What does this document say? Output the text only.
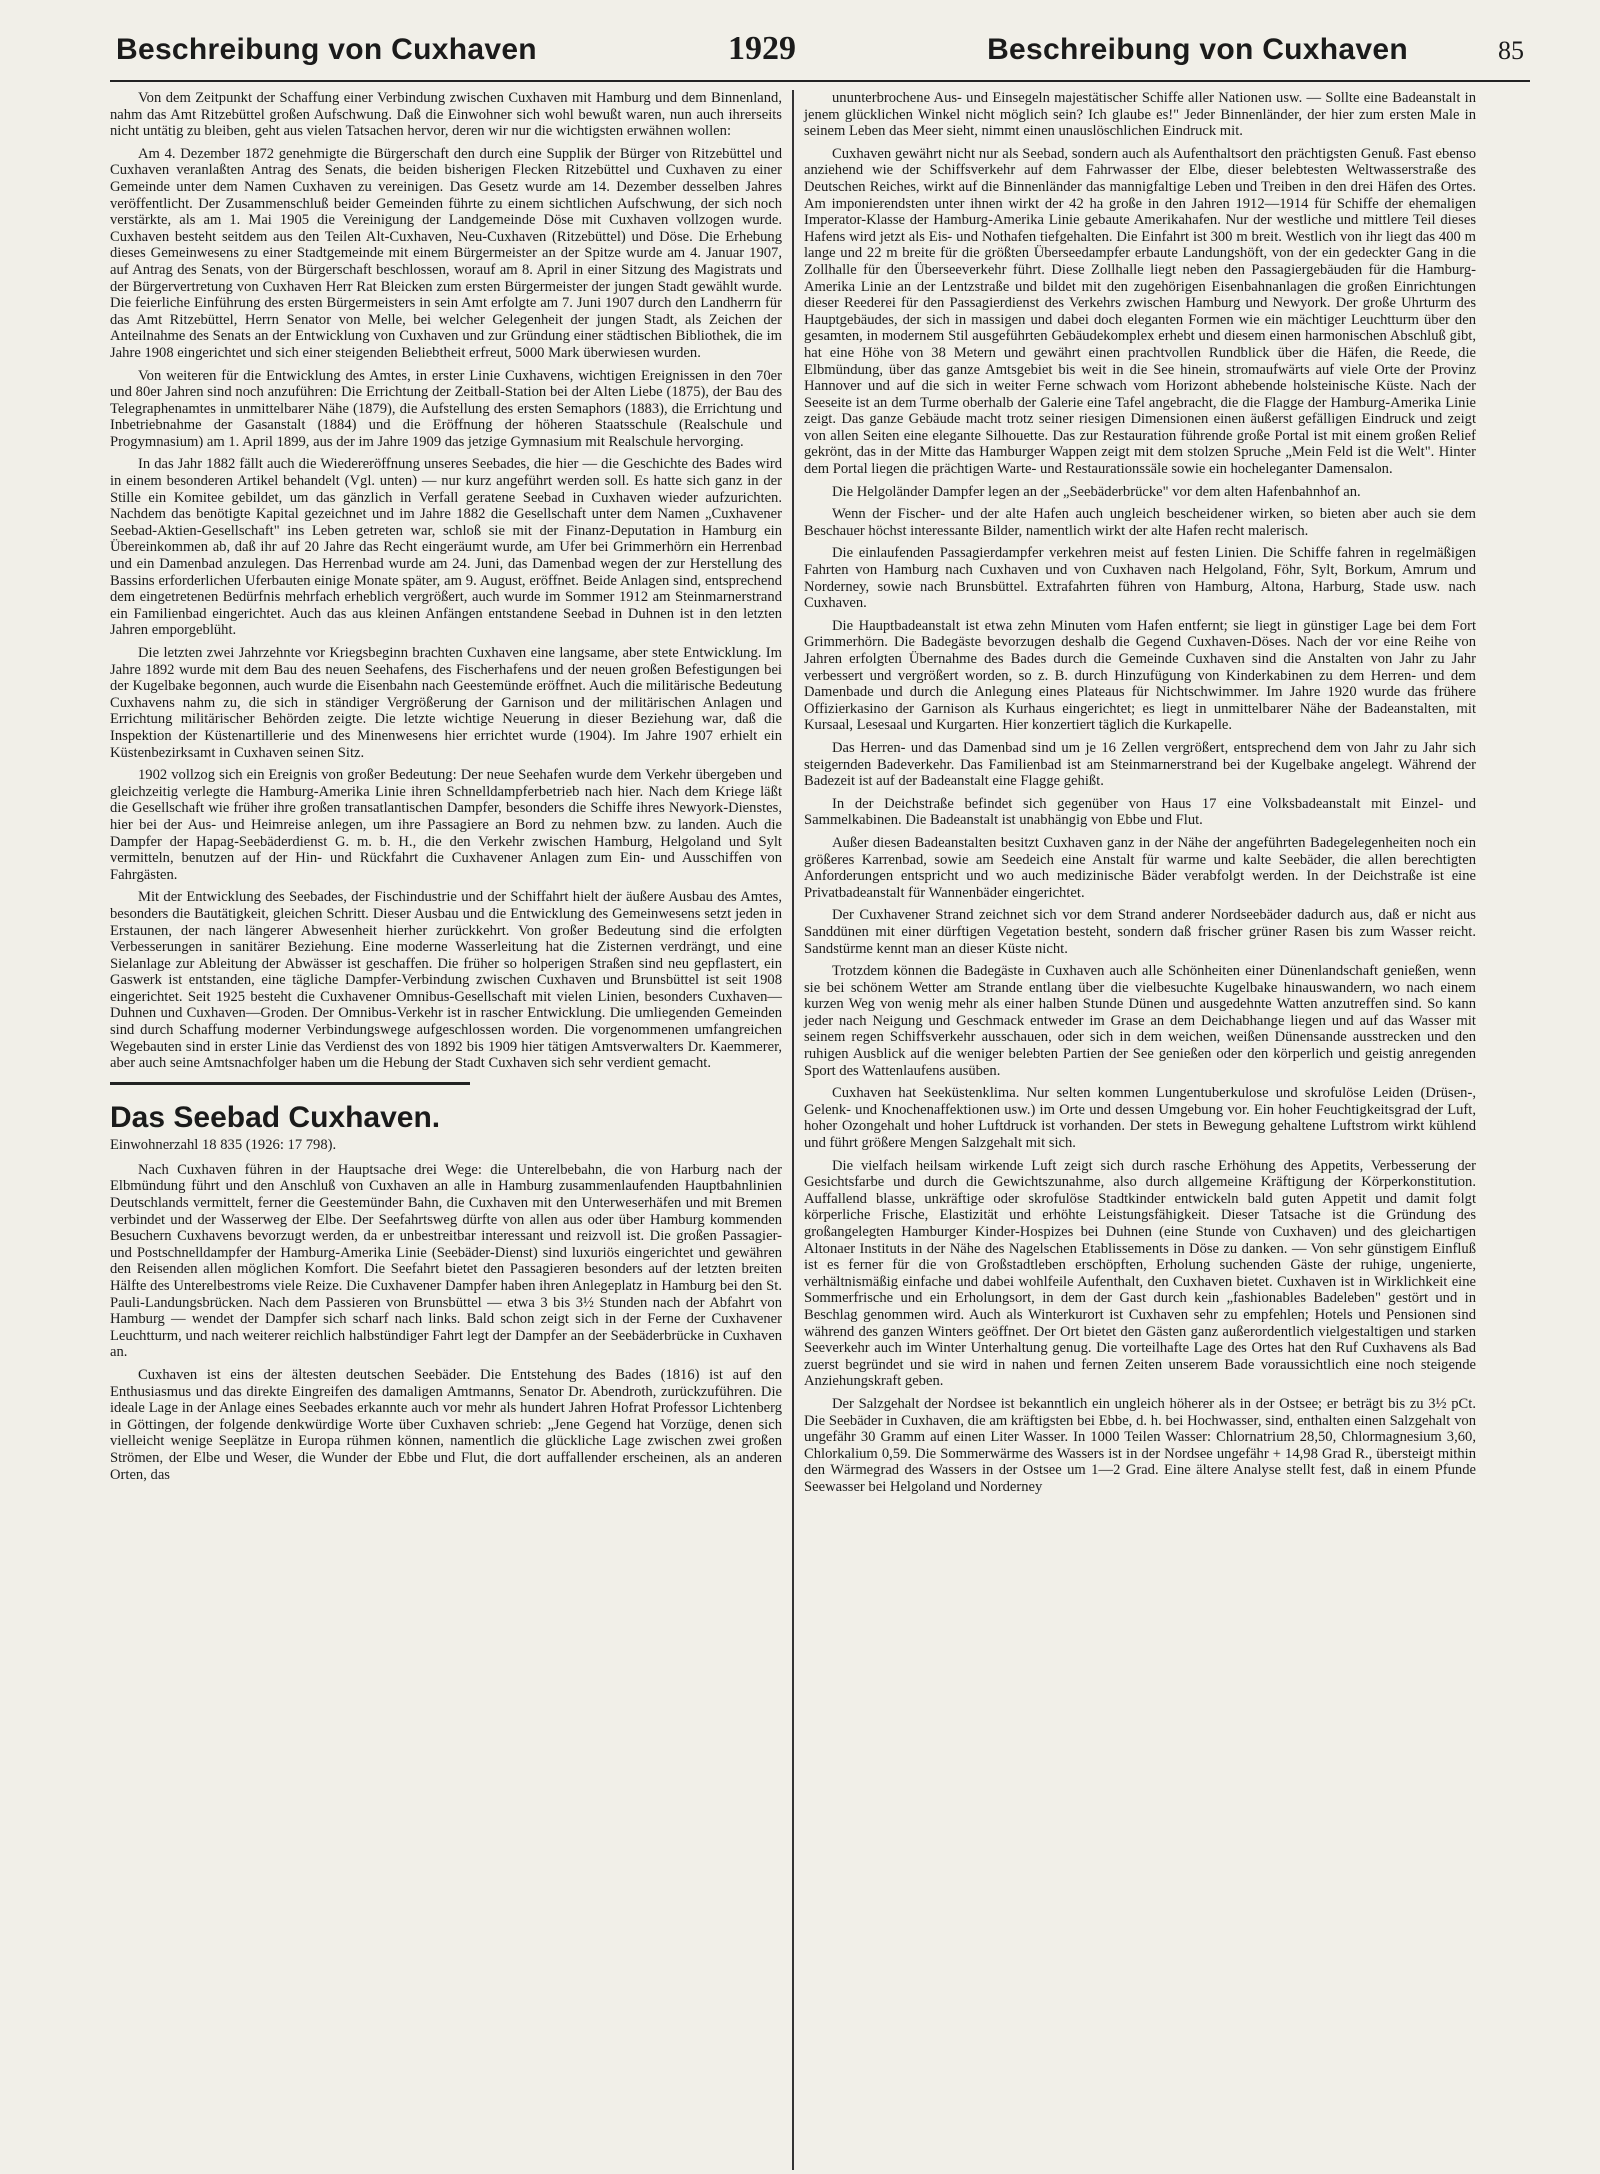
Beschreibung von Cuxhaven	1929	Beschreibung von Cuxhaven	85

Von dem Zeitpunkt der Schaffung einer Verbindung zwischen Cuxhaven mit Hamburg und dem Binnenland, nahm das Amt Ritzebüttel großen Aufschwung. Daß die Einwohner sich wohl bewußt waren, nun auch ihrerseits nicht untätig zu bleiben, geht aus vielen Tatsachen hervor, deren wir nur die wichtigsten erwähnen wollen:

Am 4. Dezember 1872 genehmigte die Bürgerschaft den durch eine Supplik der Bürger von Ritzebüttel und Cuxhaven veranlaßten Antrag des Senats, die beiden bisherigen Flecken Ritzebüttel und Cuxhaven zu einer Gemeinde unter dem Namen Cuxhaven zu vereinigen. Das Gesetz wurde am 14. Dezember desselben Jahres veröffentlicht. Der Zusammenschluß beider Gemeinden führte zu einem sichtlichen Aufschwung, der sich noch verstärkte, als am 1. Mai 1905 die Vereinigung der Landgemeinde Döse mit Cuxhaven vollzogen wurde. Cuxhaven besteht seitdem aus den Teilen Alt-Cuxhaven, Neu-Cuxhaven (Ritzebüttel) und Döse. Die Erhebung dieses Gemeinwesens zu einer Stadtgemeinde mit einem Bürgermeister an der Spitze wurde am 4. Januar 1907, auf Antrag des Senats, von der Bürgerschaft beschlossen, worauf am 8. April in einer Sitzung des Magistrats und der Bürgervertretung von Cuxhaven Herr Rat Bleicken zum ersten Bürgermeister der jungen Stadt gewählt wurde. Die feierliche Einführung des ersten Bürgermeisters in sein Amt erfolgte am 7. Juni 1907 durch den Landherrn für das Amt Ritzebüttel, Herrn Senator von Melle, bei welcher Gelegenheit der jungen Stadt, als Zeichen der Anteilnahme des Senats an der Entwicklung von Cuxhaven und zur Gründung einer städtischen Bibliothek, die im Jahre 1908 eingerichtet und sich einer steigenden Beliebtheit erfreut, 5000 Mark überwiesen wurden.

Von weiteren für die Entwicklung des Amtes, in erster Linie Cuxhavens, wichtigen Ereignissen in den 70er und 80er Jahren sind noch anzuführen: Die Errichtung der Zeitball-Station bei der Alten Liebe (1875), der Bau des Telegraphenamtes in unmittelbarer Nähe (1879), die Aufstellung des ersten Semaphors (1883), die Errichtung und Inbetriebnahme der Gasanstalt (1884) und die Eröffnung der höheren Staatsschule (Realschule und Progymnasium) am 1. April 1899, aus der im Jahre 1909 das jetzige Gymnasium mit Realschule hervorging.

In das Jahr 1882 fällt auch die Wiedereröffnung unseres Seebades, die hier — die Geschichte des Bades wird in einem besonderen Artikel behandelt (Vgl. unten) — nur kurz angeführt werden soll. Es hatte sich ganz in der Stille ein Komitee gebildet, um das gänzlich in Verfall geratene Seebad in Cuxhaven wieder aufzurichten. Nachdem das benötigte Kapital gezeichnet und im Jahre 1882 die Gesellschaft unter dem Namen „Cuxhavener Seebad-Aktien-Gesellschaft" ins Leben getreten war, schloß sie mit der Finanz-Deputation in Hamburg ein Übereinkommen ab, daß ihr auf 20 Jahre das Recht eingeräumt wurde, am Ufer bei Grimmerhörn ein Herrenbad und ein Damenbad anzulegen. Das Herrenbad wurde am 24. Juni, das Damenbad wegen der zur Herstellung des Bassins erforderlichen Uferbauten einige Monate später, am 9. August, eröffnet. Beide Anlagen sind, entsprechend dem eingetretenen Bedürfnis mehrfach erheblich vergrößert, auch wurde im Sommer 1912 am Steinmarnerstrand ein Familienbad eingerichtet. Auch das aus kleinen Anfängen entstandene Seebad in Duhnen ist in den letzten Jahren emporgeblüht.

Die letzten zwei Jahrzehnte vor Kriegsbeginn brachten Cuxhaven eine langsame, aber stete Entwicklung. Im Jahre 1892 wurde mit dem Bau des neuen Seehafens, des Fischerhafens und der neuen großen Befestigungen bei der Kugelbake begonnen, auch wurde die Eisenbahn nach Geestemünde eröffnet. Auch die militärische Bedeutung Cuxhavens nahm zu, die sich in ständiger Vergrößerung der Garnison und der militärischen Anlagen und Errichtung militärischer Behörden zeigte. Die letzte wichtige Neuerung in dieser Beziehung war, daß die Inspektion der Küstenartillerie und des Minenwesens hier errichtet wurde (1904). Im Jahre 1907 erhielt ein Küstenbezirksamt in Cuxhaven seinen Sitz.

1902 vollzog sich ein Ereignis von großer Bedeutung: Der neue Seehafen wurde dem Verkehr übergeben und gleichzeitig verlegte die Hamburg-Amerika Linie ihren Schnelldampferbetrieb nach hier. Nach dem Kriege läßt die Gesellschaft wie früher ihre großen transatlantischen Dampfer, besonders die Schiffe ihres Newyork-Dienstes, hier bei der Aus- und Heimreise anlegen, um ihre Passagiere an Bord zu nehmen bzw. zu landen. Auch die Dampfer der Hapag-Seebäderdienst G. m. b. H., die den Verkehr zwischen Hamburg, Helgoland und Sylt vermitteln, benutzen auf der Hin- und Rückfahrt die Cuxhavener Anlagen zum Ein- und Ausschiffen von Fahrgästen.

Mit der Entwicklung des Seebades, der Fischindustrie und der Schiffahrt hielt der äußere Ausbau des Amtes, besonders die Bautätigkeit, gleichen Schritt. Dieser Ausbau und die Entwicklung des Gemeinwesens setzt jeden in Erstaunen, der nach längerer Abwesenheit hierher zurückkehrt. Von großer Bedeutung sind die erfolgten Verbesserungen in sanitärer Beziehung. Eine moderne Wasserleitung hat die Zisternen verdrängt, und eine Sielanlage zur Ableitung der Abwässer ist geschaffen. Die früher so holperigen Straßen sind neu gepflastert, ein Gaswerk ist entstanden, eine tägliche Dampfer-Verbindung zwischen Cuxhaven und Brunsbüttel ist seit 1908 eingerichtet. Seit 1925 besteht die Cuxhavener Omnibus-Gesellschaft mit vielen Linien, besonders Cuxhaven—Duhnen und Cuxhaven—Groden. Der Omnibus-Verkehr ist in rascher Entwicklung. Die umliegenden Gemeinden sind durch Schaffung moderner Verbindungswege aufgeschlossen worden. Die vorgenommenen umfangreichen Wegebauten sind in erster Linie das Verdienst des von 1892 bis 1909 hier tätigen Amtsverwalters Dr. Kaemmerer, aber auch seine Amtsnachfolger haben um die Hebung der Stadt Cuxhaven sich sehr verdient gemacht.

Das Seebad Cuxhaven.
Einwohnerzahl 18 835 (1926: 17 798).

Nach Cuxhaven führen in der Hauptsache drei Wege: die Unterelbebahn, die von Harburg nach der Elbmündung führt und den Anschluß von Cuxhaven an alle in Hamburg zusammenlaufenden Hauptbahnlinien Deutschlands vermittelt, ferner die Geestemünder Bahn, die Cuxhaven mit den Unterweserhäfen und mit Bremen verbindet und der Wasserweg der Elbe. Der Seefahrtsweg dürfte von allen aus oder über Hamburg kommenden Besuchern Cuxhavens bevorzugt werden, da er unbestreitbar interessant und reizvoll ist. Die großen Passagier- und Postschnelldampfer der Hamburg-Amerika Linie (Seebäder-Dienst) sind luxuriös eingerichtet und gewähren den Reisenden allen möglichen Komfort. Die Seefahrt bietet den Passagieren besonders auf der letzten breiten Hälfte des Unterelbestroms viele Reize. Die Cuxhavener Dampfer haben ihren Anlegeplatz in Hamburg bei den St. Pauli-Landungsbrücken. Nach dem Passieren von Brunsbüttel — etwa 3 bis 3½ Stunden nach der Abfahrt von Hamburg — wendet der Dampfer sich scharf nach links. Bald schon zeigt sich in der Ferne der Cuxhavener Leuchtturm, und nach weiterer reichlich halbstündiger Fahrt legt der Dampfer an der Seebäderbrücke in Cuxhaven an.

Cuxhaven ist eins der ältesten deutschen Seebäder. Die Entstehung des Bades (1816) ist auf den Enthusiasmus und das direkte Eingreifen des damaligen Amtmanns, Senator Dr. Abendroth, zurückzuführen. Die ideale Lage in der Anlage eines Seebades erkannte auch vor mehr als hundert Jahren Hofrat Professor Lichtenberg in Göttingen, der folgende denkwürdige Worte über Cuxhaven schrieb: „Jene Gegend hat Vorzüge, denen sich vielleicht wenige Seeplätze in Europa rühmen können, namentlich die glückliche Lage zwischen zwei großen Strömen, der Elbe und Weser, die Wunder der Ebbe und Flut, die dort auffallender erscheinen, als an anderen Orten, das

ununterbrochene Aus- und Einsegeln majestätischer Schiffe aller Nationen usw. — Sollte eine Badeanstalt in jenem glücklichen Winkel nicht möglich sein? Ich glaube es!" Jeder Binnenländer, der hier zum ersten Male in seinem Leben das Meer sieht, nimmt einen unauslöschlichen Eindruck mit.

Cuxhaven gewährt nicht nur als Seebad, sondern auch als Aufenthaltsort den prächtigsten Genuß. Fast ebenso anziehend wie der Schiffsverkehr auf dem Fahrwasser der Elbe, dieser belebtesten Weltwasserstraße des Deutschen Reiches, wirkt auf die Binnenländer das mannigfaltige Leben und Treiben in den drei Häfen des Ortes. Am imponierendsten unter ihnen wirkt der 42 ha große in den Jahren 1912—1914 für Schiffe der ehemaligen Imperator-Klasse der Hamburg-Amerika Linie gebaute Amerikahafen. Nur der westliche und mittlere Teil dieses Hafens wird jetzt als Eis- und Nothafen tiefgehalten. Die Einfahrt ist 300 m breit. Westlich von ihr liegt das 400 m lange und 22 m breite für die größten Überseedampfer erbaute Landungshöft, von der ein gedeckter Gang in die Zollhalle für den Überseeverkehr führt. Diese Zollhalle liegt neben den Passagiergebäuden für die Hamburg-Amerika Linie an der Lentzstraße und bildet mit den zugehörigen Eisenbahnanlagen die großen Einrichtungen dieser Reederei für den Passagierdienst des Verkehrs zwischen Hamburg und Newyork. Der große Uhrturm des Hauptgebäudes, der sich in massigen und dabei doch eleganten Formen wie ein mächtiger Leuchtturm über den gesamten, in modernem Stil ausgeführten Gebäudekomplex erhebt und diesem einen harmonischen Abschluß gibt, hat eine Höhe von 38 Metern und gewährt einen prachtvollen Rundblick über die Häfen, die Reede, die Elbmündung, über das ganze Amtsgebiet bis weit in die See hinein, stromaufwärts auf viele Orte der Provinz Hannover und auf die sich in weiter Ferne schwach vom Horizont abhebende holsteinische Küste. Nach der Seeseite ist an dem Turme oberhalb der Galerie eine Tafel angebracht, die die Flagge der Hamburg-Amerika Linie zeigt. Das ganze Gebäude macht trotz seiner riesigen Dimensionen einen äußerst gefälligen Eindruck und zeigt von allen Seiten eine elegante Silhouette. Das zur Restauration führende große Portal ist mit einem großen Relief gekrönt, das in der Mitte das Hamburger Wappen zeigt mit dem stolzen Spruche „Mein Feld ist die Welt". Hinter dem Portal liegen die prächtigen Warte- und Restaurationssäle sowie ein hocheleganter Damensalon.

Die Helgoländer Dampfer legen an der „Seebäderbrücke" vor dem alten Hafenbahnhof an.

Wenn der Fischer- und der alte Hafen auch ungleich bescheidener wirken, so bieten aber auch sie dem Beschauer höchst interessante Bilder, namentlich wirkt der alte Hafen recht malerisch.

Die einlaufenden Passagierdampfer verkehren meist auf festen Linien. Die Schiffe fahren in regelmäßigen Fahrten von Hamburg nach Cuxhaven und von Cuxhaven nach Helgoland, Föhr, Sylt, Borkum, Amrum und Norderney, sowie nach Brunsbüttel. Extrafahrten führen von Hamburg, Altona, Harburg, Stade usw. nach Cuxhaven.

Die Hauptbadeanstalt ist etwa zehn Minuten vom Hafen entfernt; sie liegt in günstiger Lage bei dem Fort Grimmerhörn. Die Badegäste bevorzugen deshalb die Gegend Cuxhaven-Döses. Nach der vor eine Reihe von Jahren erfolgten Übernahme des Bades durch die Gemeinde Cuxhaven sind die Anstalten von Jahr zu Jahr verbessert und vergrößert worden, so z. B. durch Hinzufügung von Kinderkabinen zu dem Herren- und dem Damenbade und durch die Anlegung eines Plateaus für Nichtschwimmer. Im Jahre 1920 wurde das frühere Offizierkasino der Garnison als Kurhaus eingerichtet; es liegt in unmittelbarer Nähe der Badeanstalten, mit Kursaal, Lesesaal und Kurgarten. Hier konzertiert täglich die Kurkapelle.

Das Herren- und das Damenbad sind um je 16 Zellen vergrößert, entsprechend dem von Jahr zu Jahr sich steigernden Badeverkehr. Das Familienbad ist am Steinmarnerstrand bei der Kugelbake angelegt. Während der Badezeit ist auf der Badeanstalt eine Flagge gehißt.

In der Deichstraße befindet sich gegenüber von Haus 17 eine Volksbadeanstalt mit Einzel- und Sammelkabinen. Die Badeanstalt ist unabhängig von Ebbe und Flut.

Außer diesen Badeanstalten besitzt Cuxhaven ganz in der Nähe der angeführten Badegelegenheiten noch ein größeres Karrenbad, sowie am Seedeich eine Anstalt für warme und kalte Seebäder, die allen berechtigten Anforderungen entspricht und wo auch medizinische Bäder verabfolgt werden. In der Deichstraße ist eine Privatbadeanstalt für Wannenbäder eingerichtet.

Der Cuxhavener Strand zeichnet sich vor dem Strand anderer Nordseebäder dadurch aus, daß er nicht aus Sanddünen mit einer dürftigen Vegetation besteht, sondern daß frischer grüner Rasen bis zum Wasser reicht. Sandstürme kennt man an dieser Küste nicht.

Trotzdem können die Badegäste in Cuxhaven auch alle Schönheiten einer Dünenlandschaft genießen, wenn sie bei schönem Wetter am Strande entlang über die vielbesuchte Kugelbake hinauswandern, wo nach einem kurzen Weg von wenig mehr als einer halben Stunde Dünen und ausgedehnte Watten anzutreffen sind. So kann jeder nach Neigung und Geschmack entweder im Grase an dem Deichabhange liegen und auf das Wasser mit seinem regen Schiffsverkehr ausschauen, oder sich in dem weichen, weißen Dünensande ausstrecken und den ruhigen Ausblick auf die weniger belebten Partien der See genießen oder den körperlich und geistig anregenden Sport des Wattenlaufens ausüben.

Cuxhaven hat Seeküstenklima. Nur selten kommen Lungentuberkulose und skrofulöse Leiden (Drüsen-, Gelenk- und Knochenaffektionen usw.) im Orte und dessen Umgebung vor. Ein hoher Feuchtigkeitsgrad der Luft, hoher Ozongehalt und hoher Luftdruck ist vorhanden. Der stets in Bewegung gehaltene Luftstrom wirkt kühlend und führt größere Mengen Salzgehalt mit sich.

Die vielfach heilsam wirkende Luft zeigt sich durch rasche Erhöhung des Appetits, Verbesserung der Gesichtsfarbe und durch die Gewichtszunahme, also durch allgemeine Kräftigung der Körperkonstitution. Auffallend blasse, unkräftige oder skrofulöse Stadtkinder entwickeln bald guten Appetit und damit folgt körperliche Frische, Elastizität und erhöhte Leistungsfähigkeit. Dieser Tatsache ist die Gründung des großangelegten Hamburger Kinder-Hospizes bei Duhnen (eine Stunde von Cuxhaven) und des gleichartigen Altonaer Instituts in der Nähe des Nagelschen Etablissements in Döse zu danken. — Von sehr günstigem Einfluß ist es ferner für die von Großstadtleben erschöpften, Erholung suchenden Gäste der ruhige, ungenierte, verhältnismäßig einfache und dabei wohlfeile Aufenthalt, den Cuxhaven bietet. Cuxhaven ist in Wirklichkeit eine Sommerfrische und ein Erholungsort, in dem der Gast durch kein „fashionables Badeleben" gestört und in Beschlag genommen wird. Auch als Winterkurort ist Cuxhaven sehr zu empfehlen; Hotels und Pensionen sind während des ganzen Winters geöffnet. Der Ort bietet den Gästen ganz außerordentlich vielgestaltigen und starken Seeverkehr auch im Winter Unterhaltung genug. Die vorteilhafte Lage des Ortes hat den Ruf Cuxhavens als Bad zuerst begründet und sie wird in nahen und fernen Zeiten unserem Bade voraussichtlich eine noch steigende Anziehungskraft geben.

Der Salzgehalt der Nordsee ist bekanntlich ein ungleich höherer als in der Ostsee; er beträgt bis zu 3½ pCt. Die Seebäder in Cuxhaven, die am kräftigsten bei Ebbe, d. h. bei Hochwasser, sind, enthalten einen Salzgehalt von ungefähr 30 Gramm auf einen Liter Wasser. In 1000 Teilen Wasser: Chlornatrium 28,50, Chlormagnesium 3,60, Chlorkalium 0,59. Die Sommerwärme des Wassers ist in der Nordsee ungefähr + 14,98 Grad R., übersteigt mithin den Wärmegrad des Wassers in der Ostsee um 1—2 Grad. Eine ältere Analyse stellt fest, daß in einem Pfunde Seewasser bei Helgoland und Norderney
